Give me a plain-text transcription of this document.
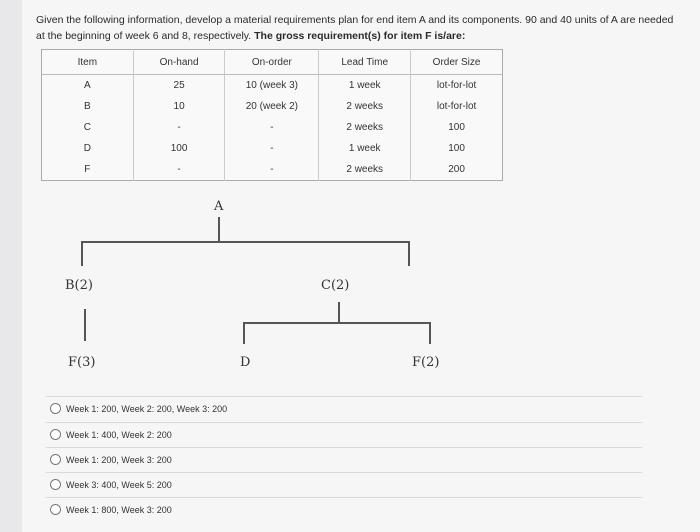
Given the following information, develop a material requirements plan for end item A and its components. 90 and 40 units of A are needed at the beginning of week 6 and 8, respectively. The gross requirement(s) for item F is/are:
Item	On-hand	On-order	Lead Time	Order Size
A	25	10 (week 3)	1 week	lot-for-lot
B	10	20 (week 2)	2 weeks	lot-for-lot
C	-	-	2 weeks	100
D	100	-	1 week	100
F	-	-	2 weeks	200
A
B(2)	C(2)
F(3)	D	F(2)
Week 1: 200, Week 2: 200, Week 3: 200
Week 1: 400, Week 2: 200
Week 1: 200, Week 3: 200
Week 3: 400, Week 5: 200
Week 1: 800, Week 3: 200
